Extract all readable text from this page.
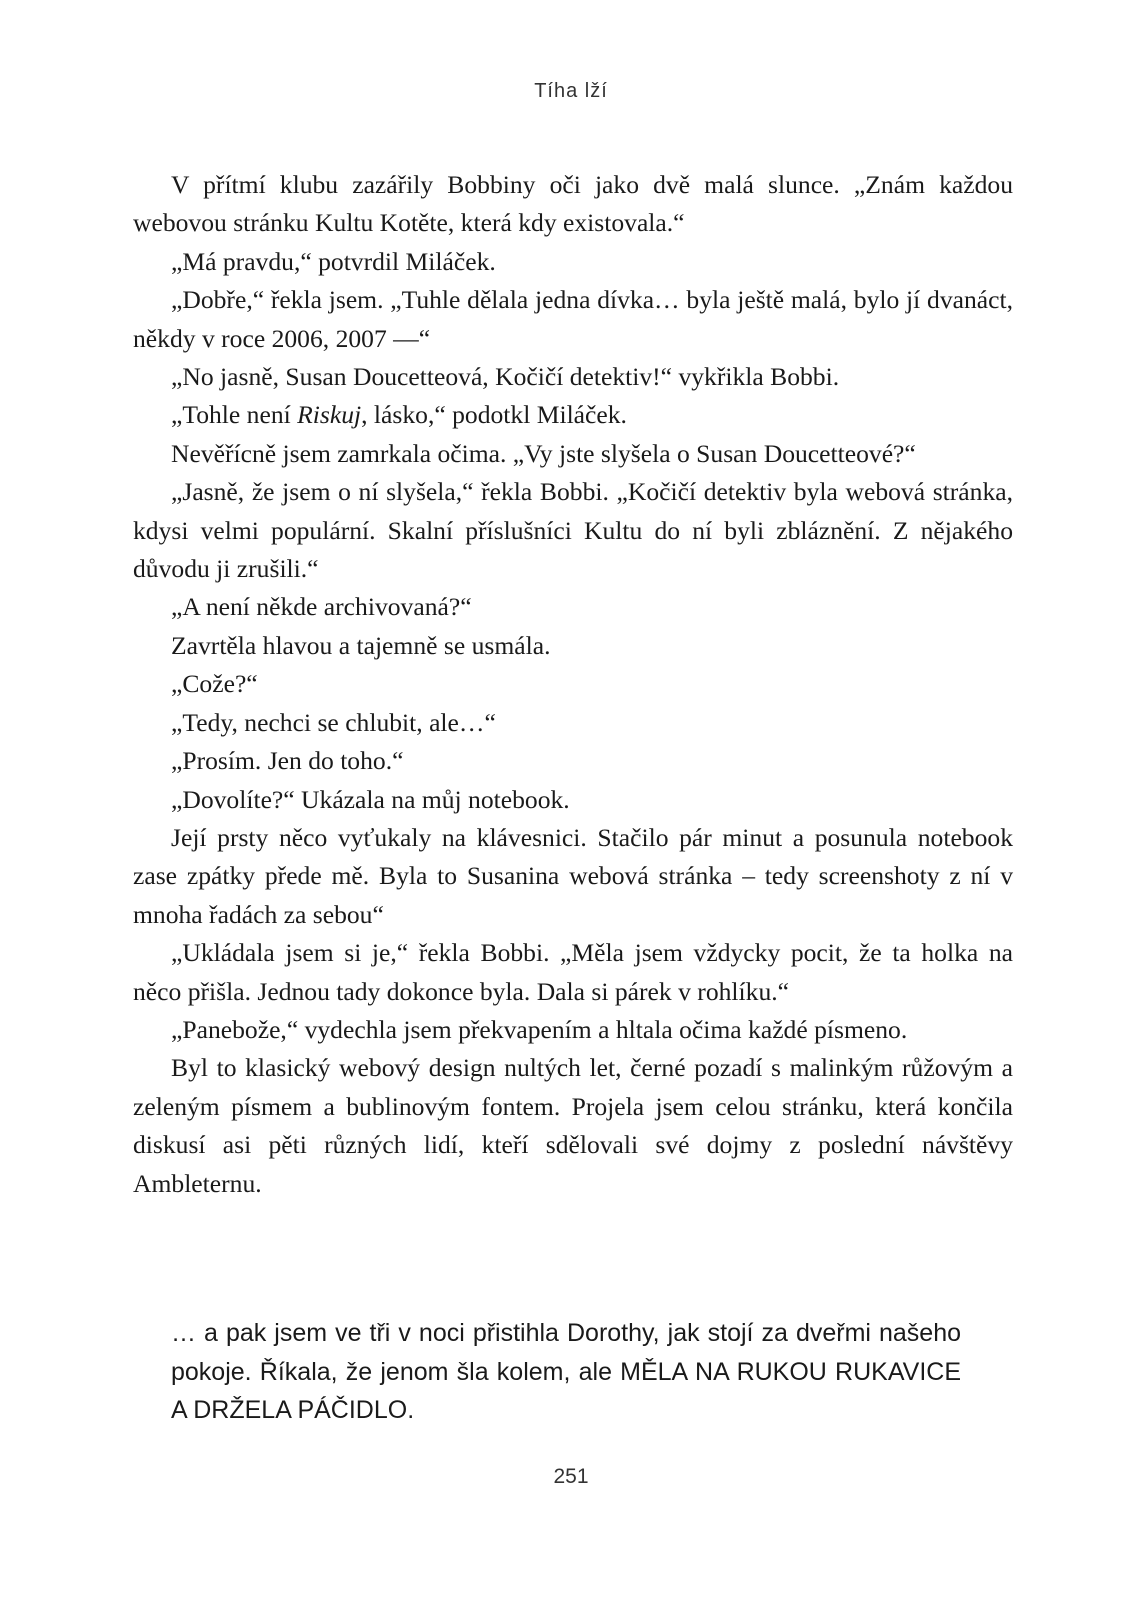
Tíha lží

V přítmí klubu zazářily Bobbiny oči jako dvě malá slunce. „Znám každou webovou stránku Kultu Kotěte, která kdy existovala.“

„Má pravdu,“ potvrdil Miláček.

„Dobře,“ řekla jsem. „Tuhle dělala jedna dívka… byla ještě malá, bylo jí dvanáct, někdy v roce 2006, 2007 —“

„No jasně, Susan Doucetteová, Kočičí detektiv!“ vykřikla Bobbi.

„Tohle není Riskuj, lásko,“ podotkl Miláček.

Nevěřícně jsem zamrkala očima. „Vy jste slyšela o Susan Doucetteové?“

„Jasně, že jsem o ní slyšela,“ řekla Bobbi. „Kočičí detektiv byla webová stránka, kdysi velmi populární. Skalní příslušníci Kultu do ní byli zbláznění. Z nějakého důvodu ji zrušili.“

„A není někde archivovaná?“

Zavrtěla hlavou a tajemně se usmála.

„Cože?“

„Tedy, nechci se chlubit, ale…“

„Prosím. Jen do toho.“

„Dovolíte?“ Ukázala na můj notebook.

Její prsty něco vyťukaly na klávesnici. Stačilo pár minut a posunula notebook zase zpátky přede mě. Byla to Susanina webová stránka – tedy screenshoty z ní v mnoha řadách za sebou“

„Ukládala jsem si je,“ řekla Bobbi. „Měla jsem vždycky pocit, že ta holka na něco přišla. Jednou tady dokonce byla. Dala si párek v rohlíku.“

„Panebože,“ vydechla jsem překvapením a hltala očima každé písmeno.

Byl to klasický webový design nultých let, černé pozadí s malinkým růžovým a zeleným písmem a bublinovým fontem. Projela jsem celou stránku, která končila diskusí asi pěti různých lidí, kteří sdělovali své dojmy z poslední návštěvy Ambleternu.

… a pak jsem ve tři v noci přistihla Dorothy, jak stojí za dveřmi našeho pokoje. Říkala, že jenom šla kolem, ale MĚLA NA RUKOU RUKAVICE A DRŽELA PÁČIDLO.

251
